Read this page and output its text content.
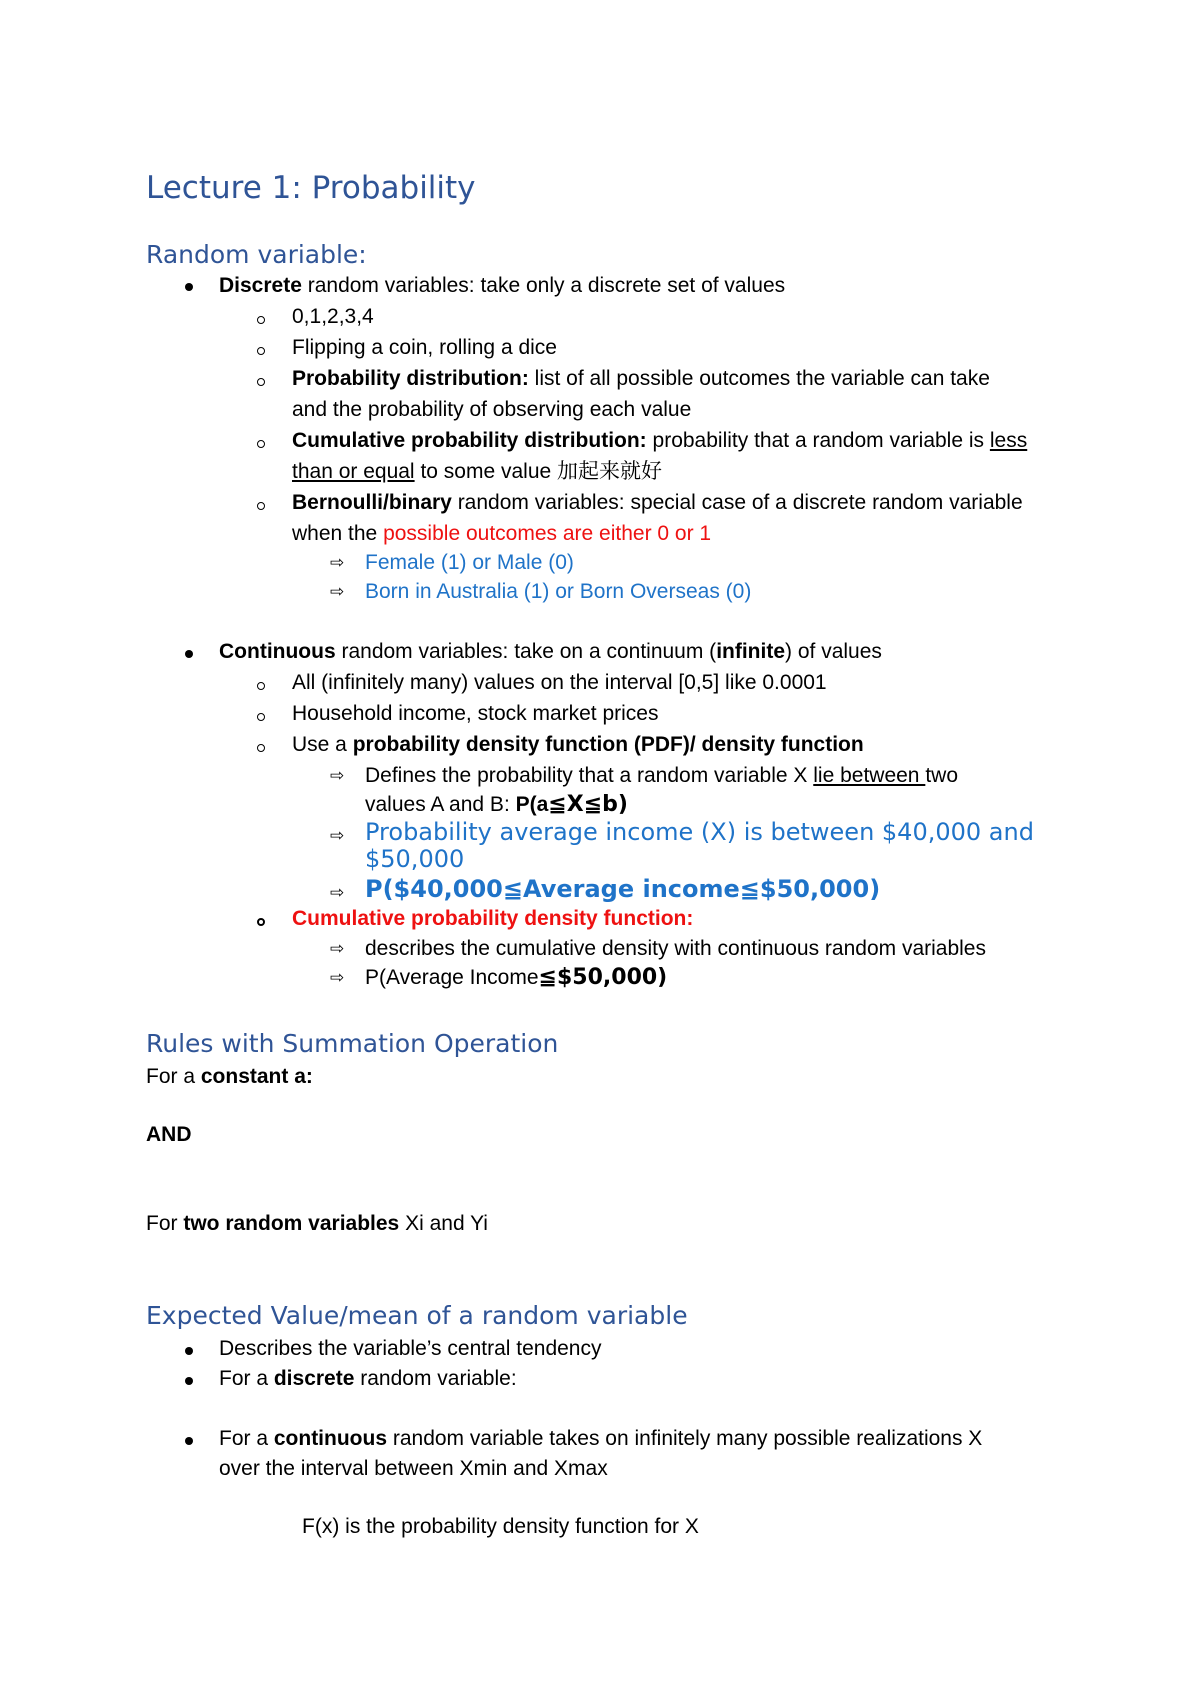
Lecture 1: Probability
Random variable:
Discrete random variables: take only a discrete set of values
0,1,2,3,4
Flipping a coin, rolling a dice
Probability distribution: list of all possible outcomes the variable can take
and the probability of observing each value
Cumulative probability distribution: probability that a random variable is less
than or equal to some value 加起来就好
Bernoulli/binary random variables: special case of a discrete random variable
when the possible outcomes are either 0 or 1
⇨ Female (1) or Male (0)
⇨ Born in Australia (1) or Born Overseas (0)
Continuous random variables: take on a continuum (infinite) of values
All (infinitely many) values on the interval [0,5] like 0.0001
Household income, stock market prices
Use a probability density function (PDF)/ density function
⇨ Defines the probability that a random variable X lie between two
values A and B: P(a≦X≦b)
⇨ Probability average income (X) is between $40,000 and
$50,000
⇨ P($40,000≦Average income≦$50,000)
Cumulative probability density function:
⇨ describes the cumulative density with continuous random variables
⇨ P(Average Income≦$50,000)
Rules with Summation Operation
For a constant a:
AND
For two random variables Xi and Yi
Expected Value/mean of a random variable
Describes the variable’s central tendency
For a discrete random variable:
For a continuous random variable takes on infinitely many possible realizations X
over the interval between Xmin and Xmax
F(x) is the probability density function for X
